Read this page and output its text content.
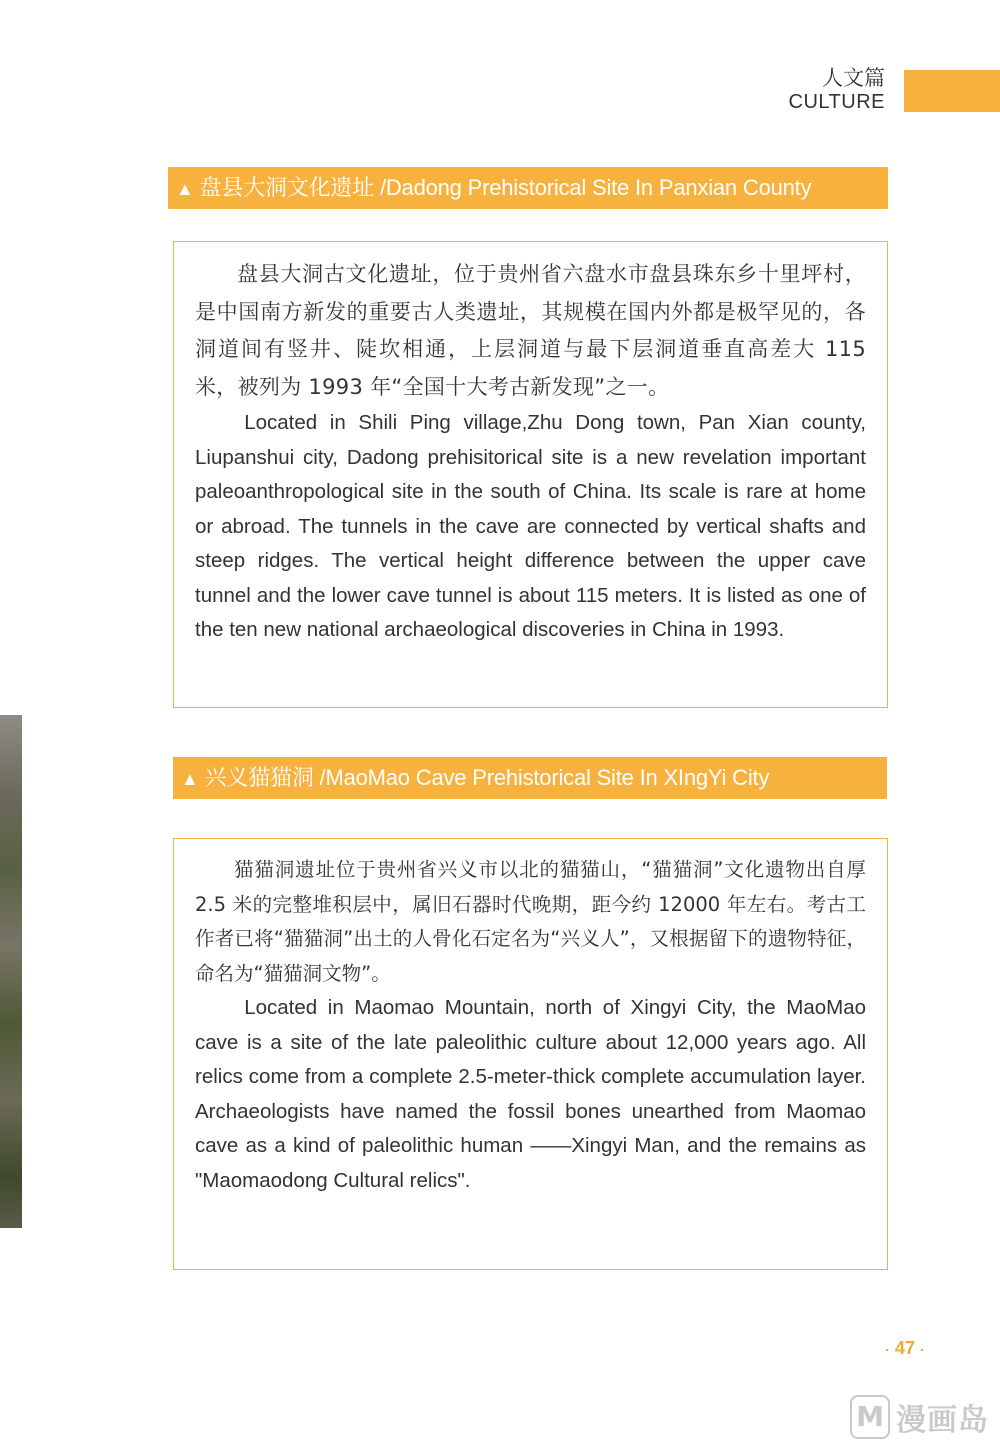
人文篇
CULTURE
▲ 盘县大洞文化遗址 /Dadong Prehistorical Site In Panxian County

盘县大洞古文化遗址，位于贵州省六盘水市盘县珠东乡十里坪村，是中国南方新发的重要古人类遗址，其规模在国内外都是极罕见的，各洞道间有竖井、陡坎相通，上层洞道与最下层洞道垂直高差大 115 米，被列为 1993 年“全国十大考古新发现”之一。

Located in Shili Ping village,Zhu Dong town, Pan Xian county, Liupanshui city, Dadong prehisitorical site is a new revelation important paleoanthropological site in the south of China. Its scale is rare at home or abroad. The tunnels in the cave are connected by vertical shafts and steep ridges. The vertical height difference between the upper cave tunnel and the lower cave tunnel is about 115 meters. It is listed as one of the ten new national archaeological discoveries in China in 1993.

▲ 兴义猫猫洞 /MaoMao Cave Prehistorical Site In XIngYi City

猫猫洞遗址位于贵州省兴义市以北的猫猫山，“猫猫洞”文化遗物出自厚 2.5 米的完整堆积层中，属旧石器时代晚期，距今约 12000 年左右。考古工作者已将“猫猫洞”出土的人骨化石定名为“兴义人”，又根据留下的遗物特征，命名为“猫猫洞文物”。

Located in Maomao Mountain, north of Xingyi City, the MaoMao cave is a site of the late paleolithic culture about 12,000 years ago. All relics come from a complete 2.5-meter-thick complete accumulation layer. Archaeologists have named the fossil bones unearthed from Maomao cave as a kind of paleolithic human ——Xingyi Man, and the remains as "Maomaodong Cultural relics".

· 47 ·
M 漫画岛
